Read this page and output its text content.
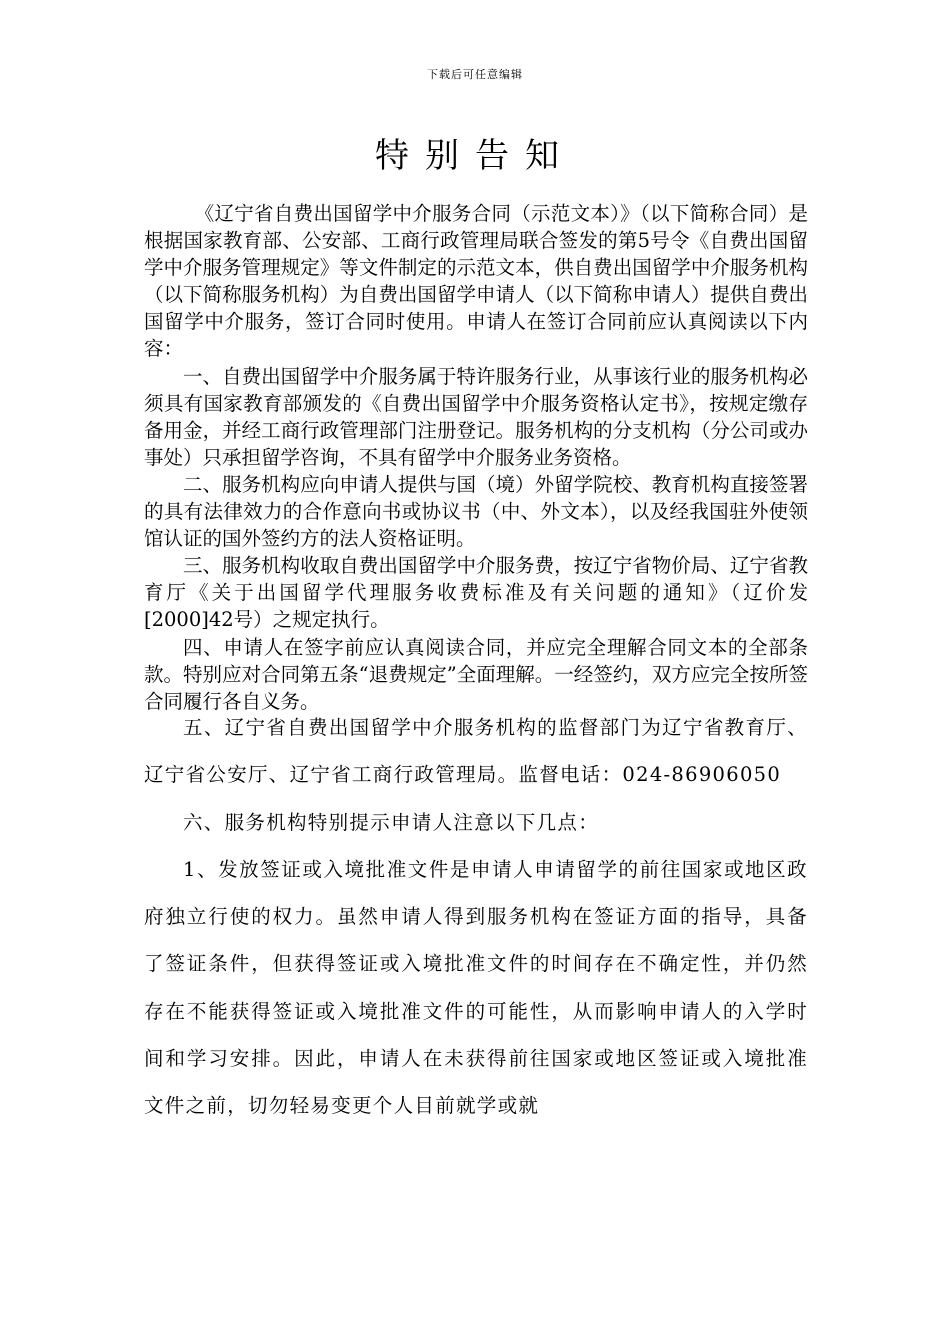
下载后可任意编辑
特别告知

《辽宁省自费出国留学中介服务合同（示范文本）》（以下简称合同）是根据国家教育部、公安部、工商行政管理局联合签发的第5号令《自费出国留学中介服务管理规定》等文件制定的示范文本，供自费出国留学中介服务机构（以下简称服务机构）为自费出国留学申请人（以下简称申请人）提供自费出国留学中介服务，签订合同时使用。申请人在签订合同前应认真阅读以下内容：

一、自费出国留学中介服务属于特许服务行业，从事该行业的服务机构必须具有国家教育部颁发的《自费出国留学中介服务资格认定书》，按规定缴存备用金，并经工商行政管理部门注册登记。服务机构的分支机构（分公司或办事处）只承担留学咨询，不具有留学中介服务业务资格。

二、服务机构应向申请人提供与国（境）外留学院校、教育机构直接签署的具有法律效力的合作意向书或协议书（中、外文本），以及经我国驻外使领馆认证的国外签约方的法人资格证明。

三、服务机构收取自费出国留学中介服务费，按辽宁省物价局、辽宁省教育厅《关于出国留学代理服务收费标准及有关问题的通知》（辽价发[2000]42号）之规定执行。

四、申请人在签字前应认真阅读合同，并应完全理解合同文本的全部条款。特别应对合同第五条“退费规定”全面理解。一经签约，双方应完全按所签合同履行各自义务。

五、辽宁省自费出国留学中介服务机构的监督部门为辽宁省教育厅、辽宁省公安厅、辽宁省工商行政管理局。监督电话：024-86906050

六、服务机构特别提示申请人注意以下几点：

1、发放签证或入境批准文件是申请人申请留学的前往国家或地区政府独立行使的权力。虽然申请人得到服务机构在签证方面的指导，具备了签证条件，但获得签证或入境批准文件的时间存在不确定性，并仍然存在不能获得签证或入境批准文件的可能性，从而影响申请人的入学时间和学习安排。因此，申请人在未获得前往国家或地区签证或入境批准文件之前，切勿轻易变更个人目前就学或就
